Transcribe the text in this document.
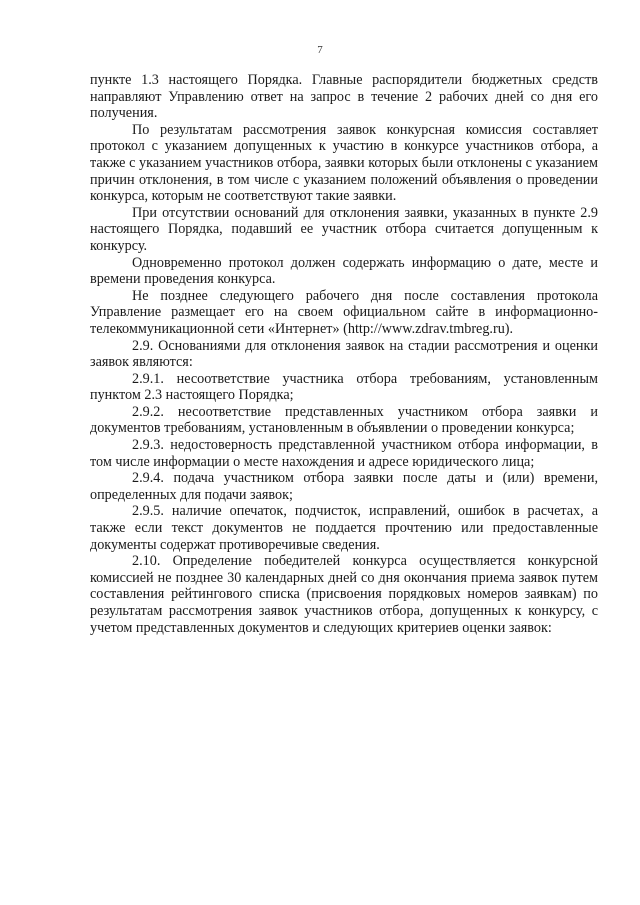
7

пункте 1.3 настоящего Порядка. Главные распорядители бюджетных средств направляют Управлению ответ на запрос в течение 2 рабочих дней со дня его получения.

По результатам рассмотрения заявок конкурсная комиссия составляет протокол с указанием допущенных к участию в конкурсе участников отбора, а также с указанием участников отбора, заявки которых были отклонены с указанием причин отклонения, в том числе с указанием положений объявления о проведении конкурса, которым не соответствуют такие заявки.

При отсутствии оснований для отклонения заявки, указанных в пункте 2.9 настоящего Порядка, подавший ее участник отбора считается допущенным к конкурсу.

Одновременно протокол должен содержать информацию о дате, месте и времени проведения конкурса.

Не позднее следующего рабочего дня после составления протокола Управление размещает его на своем официальном сайте в информационно-телекоммуникационной сети «Интернет» (http://www.zdrav.tmbreg.ru).

2.9. Основаниями для отклонения заявок на стадии рассмотрения и оценки заявок являются:

2.9.1. несоответствие участника отбора требованиям, установленным пунктом 2.3 настоящего Порядка;

2.9.2. несоответствие представленных участником отбора заявки и документов требованиям, установленным в объявлении о проведении конкурса;

2.9.3. недостоверность представленной участником отбора информации, в том числе информации о месте нахождения и адресе юридического лица;

2.9.4. подача участником отбора заявки после даты и (или) времени, определенных для подачи заявок;

2.9.5. наличие опечаток, подчисток, исправлений, ошибок в расчетах, а также если текст документов не поддается прочтению или предоставленные документы содержат противоречивые сведения.

2.10. Определение победителей конкурса осуществляется конкурсной комиссией не позднее 30 календарных дней со дня окончания приема заявок путем составления рейтингового списка (присвоения порядковых номеров заявкам) по результатам рассмотрения заявок участников отбора, допущенных к конкурсу, с учетом представленных документов и следующих критериев оценки заявок:
